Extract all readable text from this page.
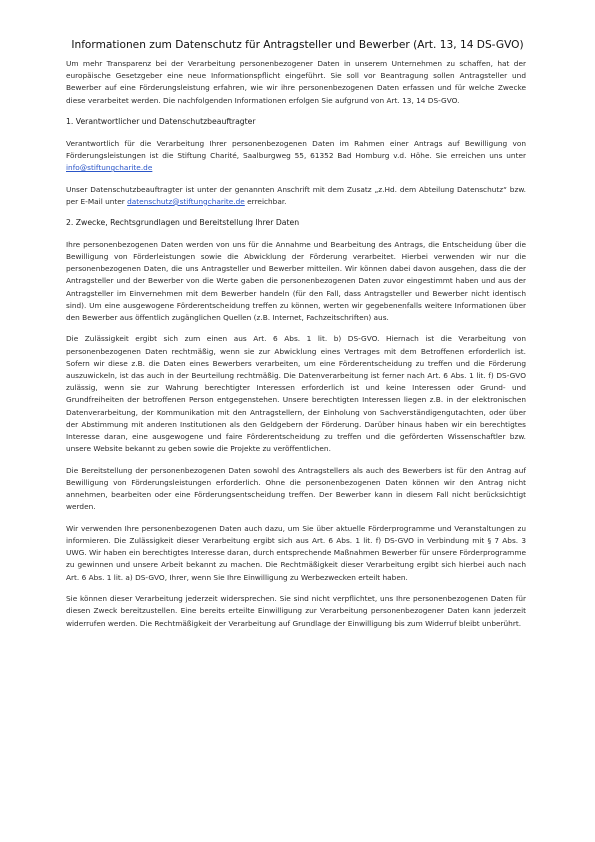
Informationen zum Datenschutz für Antragsteller und Bewerber (Art. 13, 14 DS-GVO)

Um mehr Transparenz bei der Verarbeitung personenbezogener Daten in unserem Unternehmen zu schaffen, hat der europäische Gesetzgeber eine neue Informationspflicht eingeführt. Sie soll vor Beantragung sollen Antragsteller und Bewerber auf eine Förderungsleistung erfahren, wie wir ihre personenbezogenen Daten erfassen und für welche Zwecke diese verarbeitet werden. Die nachfolgenden Informationen erfolgen Sie aufgrund von Art. 13, 14 DS-GVO.

1. Verantwortlicher und Datenschutzbeauftragter

Verantwortlich für die Verarbeitung Ihrer personenbezogenen Daten im Rahmen einer Antrags auf Bewilligung von Förderungsleistungen ist die Stiftung Charité, Saalburgweg 55, 61352 Bad Homburg v.d. Höhe. Sie erreichen uns unter info@stiftungcharite.de

Unser Datenschutzbeauftragter ist unter der genannten Anschrift mit dem Zusatz „z.Hd. dem Abteilung Datenschutz“ bzw. per E-Mail unter datenschutz@stiftungcharite.de erreichbar.

2. Zwecke, Rechtsgrundlagen und Bereitstellung Ihrer Daten

Ihre personenbezogenen Daten werden von uns für die Annahme und Bearbeitung des Antrags, die Entscheidung über die Bewilligung von Förderleistungen sowie die Abwicklung der Förderung verarbeitet. Hierbei verwenden wir nur die personenbezogenen Daten, die uns Antragsteller und Bewerber mitteilen. Wir können dabei davon ausgehen, dass die der Antragsteller und der Bewerber von die Werte gaben die personenbezogenen Daten zuvor eingestimmt haben und aus der Antragsteller im Einvernehmen mit dem Bewerber handeln (für den Fall, dass Antragsteller und Bewerber nicht identisch sind). Um eine ausgewogene Förderentscheidung treffen zu können, werten wir gegebenenfalls weitere Informationen über den Bewerber aus öffentlich zugänglichen Quellen (z.B. Internet, Fachzeitschriften) aus.

Die Zulässigkeit ergibt sich zum einen aus Art. 6 Abs. 1 lit. b) DS-GVO. Hiernach ist die Verarbeitung von personenbezogenen Daten rechtmäßig, wenn sie zur Abwicklung eines Vertrages mit dem Betroffenen erforderlich ist. Sofern wir diese z.B. die Daten eines Bewerbers verarbeiten, um eine Förderentscheidung zu treffen und die Förderung auszuwickeln, ist das auch in der Beurteilung rechtmäßig. Die Datenverarbeitung ist ferner nach Art. 6 Abs. 1 lit. f) DS-GVO zulässig, wenn sie zur Wahrung berechtigter Interessen erforderlich ist und keine Interessen oder Grund- und Grundfreiheiten der betroffenen Person entgegenstehen. Unsere berechtigten Interessen liegen z.B. in der elektronischen Datenverarbeitung, der Kommunikation mit den Antragstellern, der Einholung von Sachverständigengutachten, oder über der Abstimmung mit anderen Institutionen als den Geldgebern der Förderung. Darüber hinaus haben wir ein berechtigtes Interesse daran, eine ausgewogene und faire Förderentscheidung zu treffen und die geförderten Wissenschaftler bzw. unsere Website bekannt zu geben sowie die Projekte zu veröffentlichen.

Die Bereitstellung der personenbezogenen Daten sowohl des Antragstellers als auch des Bewerbers ist für den Antrag auf Bewilligung von Förderungsleistungen erforderlich. Ohne die personenbezogenen Daten können wir den Antrag nicht annehmen, bearbeiten oder eine Förderungsentscheidung treffen. Der Bewerber kann in diesem Fall nicht berücksichtigt werden.

Wir verwenden Ihre personenbezogenen Daten auch dazu, um Sie über aktuelle Förderprogramme und Veranstaltungen zu informieren. Die Zulässigkeit dieser Verarbeitung ergibt sich aus Art. 6 Abs. 1 lit. f) DS-GVO in Verbindung mit § 7 Abs. 3 UWG. Wir haben ein berechtigtes Interesse daran, durch entsprechende Maßnahmen Bewerber für unsere Förderprogramme zu gewinnen und unsere Arbeit bekannt zu machen. Die Rechtmäßigkeit dieser Verarbeitung ergibt sich hierbei auch nach Art. 6 Abs. 1 lit. a) DS-GVO, Ihrer, wenn Sie Ihre Einwilligung zu Werbezwecken erteilt haben.

Sie können dieser Verarbeitung jederzeit widersprechen. Sie sind nicht verpflichtet, uns Ihre personenbezogenen Daten für diesen Zweck bereitzustellen. Eine bereits erteilte Einwilligung zur Verarbeitung personenbezogener Daten kann jederzeit widerrufen werden. Die Rechtmäßigkeit der Verarbeitung auf Grundlage der Einwilligung bis zum Widerruf bleibt unberührt.
